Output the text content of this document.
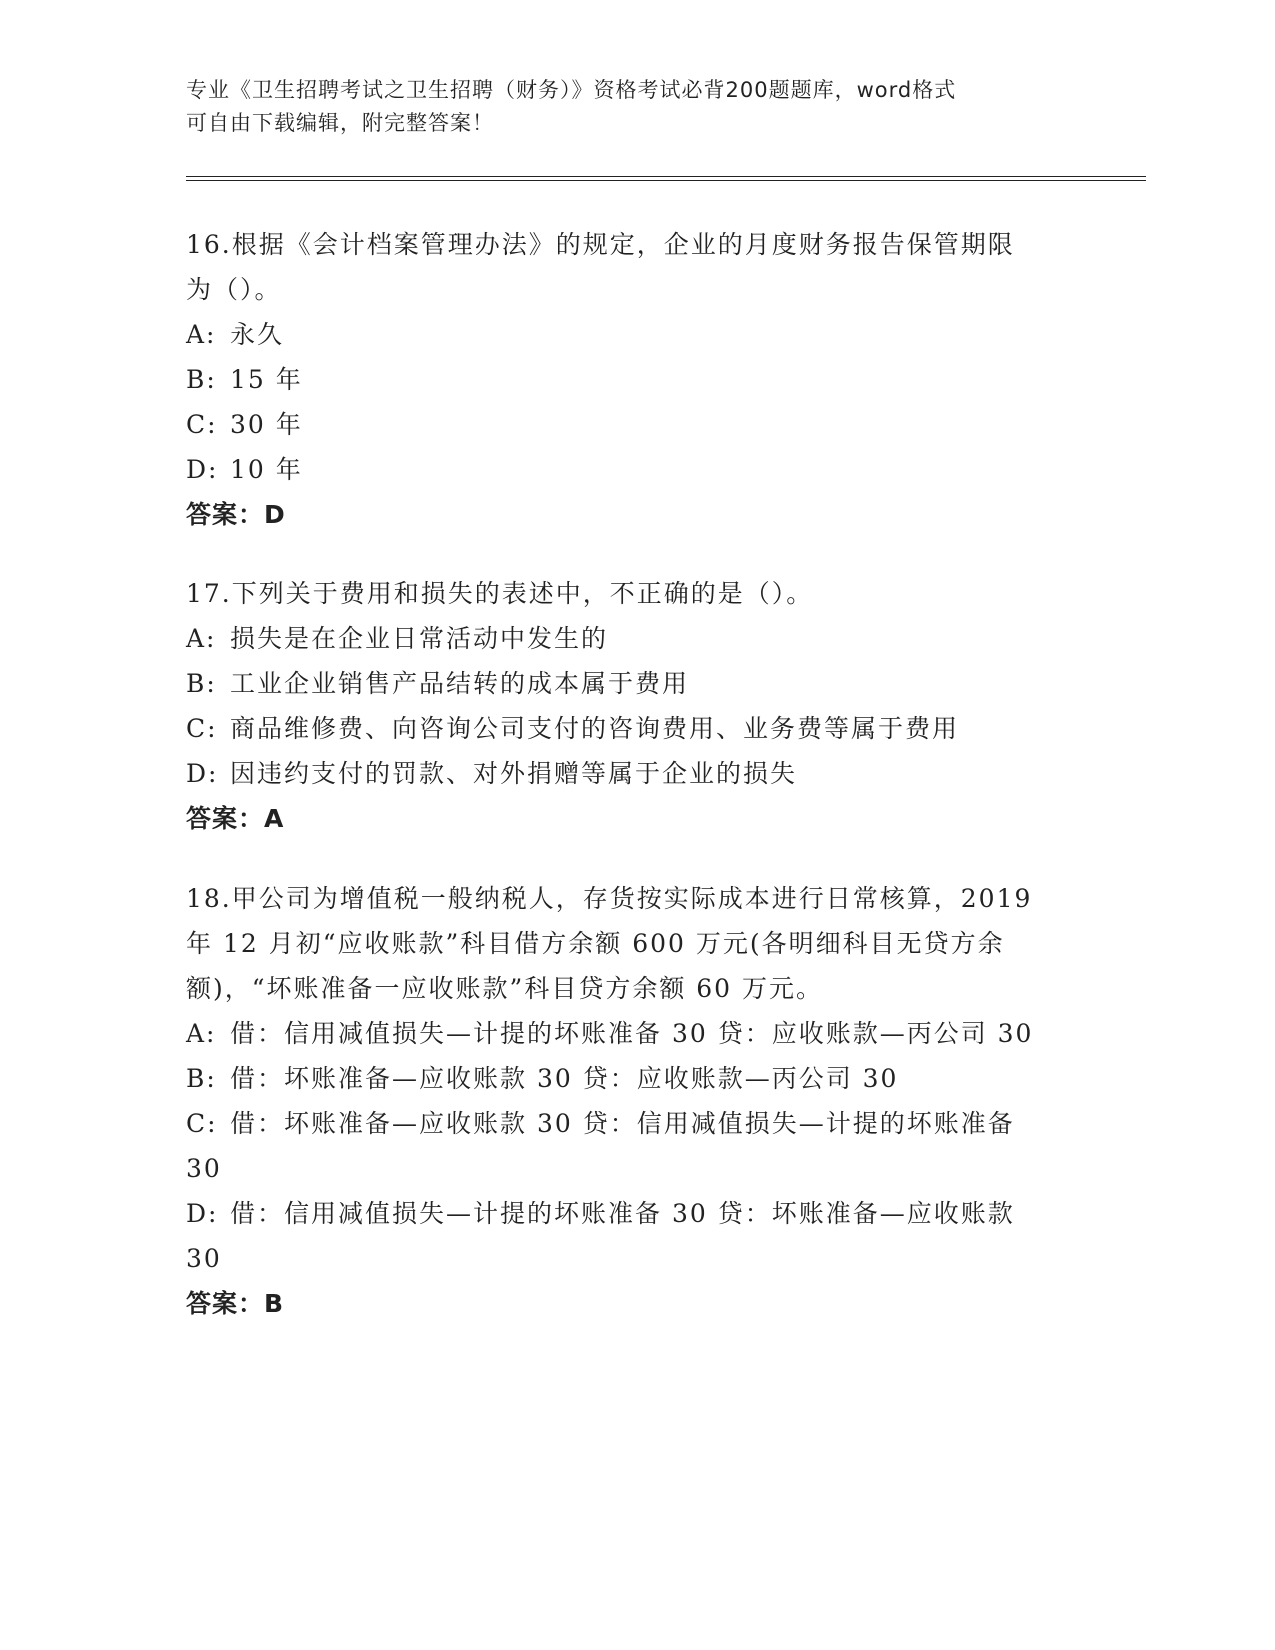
专业《卫生招聘考试之卫生招聘（财务）》资格考试必背200题题库，word格式
可自由下载编辑，附完整答案！
16.根据《会计档案管理办法》的规定，企业的月度财务报告保管期限
为（）。
A: 永久
B: 15 年
C: 30 年
D: 10 年
答案：D
17.下列关于费用和损失的表述中，不正确的是（）。
A: 损失是在企业日常活动中发生的
B: 工业企业销售产品结转的成本属于费用
C: 商品维修费、向咨询公司支付的咨询费用、业务费等属于费用
D: 因违约支付的罚款、对外捐赠等属于企业的损失
答案：A
18.甲公司为增值税一般纳税人，存货按实际成本进行日常核算，2019
年 12 月初“应收账款”科目借方余额 600 万元(各明细科目无贷方余
额)，“坏账准备一应收账款”科目贷方余额 60 万元。
A: 借：信用减值损失—计提的坏账准备 30 贷：应收账款—丙公司 30
B: 借：坏账准备—应收账款 30 贷：应收账款—丙公司 30
C: 借：坏账准备—应收账款 30 贷：信用减值损失—计提的坏账准备
30
D: 借：信用减值损失—计提的坏账准备 30 贷：坏账准备—应收账款
30
答案：B
